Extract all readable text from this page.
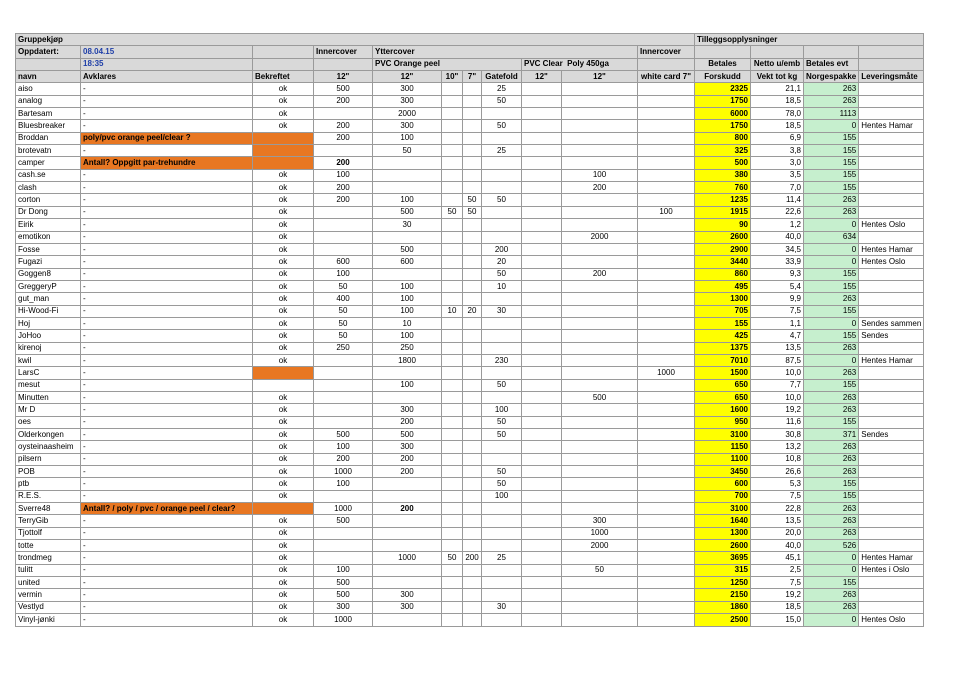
Gruppekjøp											Tilleggsopplysninger			
Oppdatert:	08.04.15		Innercover	Yttercover						Innercover				
	18:35			PVC Orange peel				PVC Clear Poly 450ga			Betales	Netto u/emb	Betales evt	
navn	Avklares	Bekreftet	12"	12"	10"	7"	Gatefold	12"	12"	white card 7"	Forskudd	Vekt tot kg	Norgespakke	Leveringsmåte
aiso	-	ok	500	300			25				2325	21,1	263	
analog	-	ok	200	300			50				1750	18,5	263	
Bartesam	-	ok		2000							6000	78,0	1113	
Bluesbreaker	-	ok	200	300			50				1750	18,5	0	Hentes Hamar
Broddan	poly/pvc orange peel/clear ?		200	100							800	6,9	155	
brotevatn	-			50			25				325	3,8	155	
camper	Antall? Oppgitt par-trehundre		200								500	3,0	155	
cash.se	-	ok	100						100		380	3,5	155	
clash	-	ok	200						200		760	7,0	155	
corton	-	ok	200	100		50	50				1235	11,4	263	
Dr Dong	-	ok		500	50	50				100	1915	22,6	263	
Eirik	-	ok		30							90	1,2	0	Hentes Oslo
emotikon	-	ok							2000		2600	40,0	634	
Fosse	-	ok		500			200				2900	34,5	0	Hentes Hamar
Fugazi	-	ok	600	600			20				3440	33,9	0	Hentes Oslo
Goggen8	-	ok	100				50		200		860	9,3	155	
GreggeryP	-	ok	50	100			10				495	5,4	155	
gut_man	-	ok	400	100							1300	9,9	263	
Hi-Wood-Fi	-	ok	50	100	10	20	30				705	7,5	155	
Hoj	-	ok	50	10							155	1,1	0	Sendes sammen
JoHoo	-	ok	50	100							425	4,7	155	Sendes
kirenoj	-	ok	250	250							1375	13,5	263	
kwil	-	ok		1800			230				7010	87,5	0	Hentes Hamar
LarsC	-									1000	1500	10,0	263	
mesut	-			100			50				650	7,7	155	
Minutten	-	ok							500		650	10,0	263	
Mr D	-	ok		300			100				1600	19,2	263	
oes	-	ok		200			50				950	11,6	155	
Olderkongen	-	ok	500	500			50				3100	30,8	371	Sendes
oysteinaasheim	-	ok	100	300							1150	13,2	263	
pilsern	-	ok	200	200							1100	10,8	263	
POB	-	ok	1000	200			50				3450	26,6	263	
ptb	-	ok	100				50				600	5,3	155	
R.E.S.	-	ok					100				700	7,5	155	
Sverre48	Antall? / poly / pvc / orange peel / clear?		1000	200							3100	22,8	263	
TerryGib	-	ok	500						300		1640	13,5	263	
Tjottolf	-	ok							1000		1300	20,0	263	
totte	-	ok							2000		2600	40,0	526	
trondmeg	-	ok		1000	50	200	25				3695	45,1	0	Hentes Hamar
tulitt	-	ok	100						50		315	2,5	0	Hentes i Oslo
united	-	ok	500								1250	7,5	155	
vermin	-	ok	500	300							2150	19,2	263	
Vestlyd	-	ok	300	300			30				1860	18,5	263	
Vinyl-jønki	-	ok	1000								2500	15,0	0	Hentes Oslo
